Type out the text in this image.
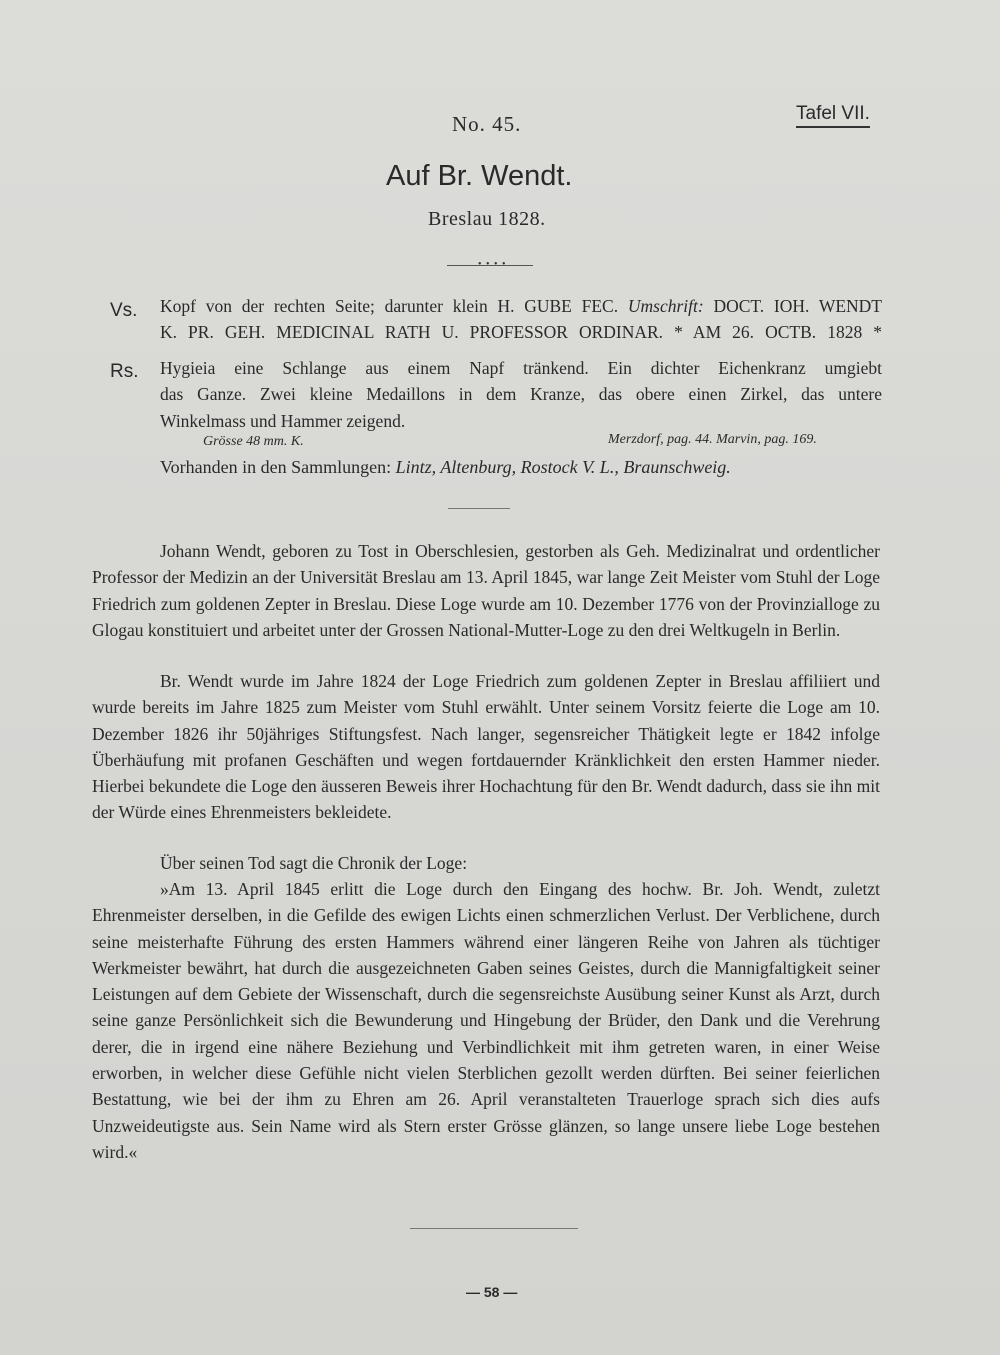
No. 45.	Tafel VII.
Auf Br. Wendt.
Breslau 1828.
• • • •
Vs. Kopf von der rechten Seite; darunter klein H. GUBE FEC. Umschrift: DOCT. IOH. WENDT
K. PR. GEH. MEDICINAL RATH U. PROFESSOR ORDINAR. * AM 26. OCTB. 1828 *
Rs. Hygieia eine Schlange aus einem Napf tränkend. Ein dichter Eichenkranz umgiebt
das Ganze. Zwei kleine Medaillons in dem Kranze, das obere einen Zirkel, das untere
Winkelmass und Hammer zeigend.
Grösse 48 mm. K.	Merzdorf, pag. 44. Marvin, pag. 169.
Vorhanden in den Sammlungen: Lintz, Altenburg, Rostock V. L., Braunschweig.
Johann Wendt, geboren zu Tost in Oberschlesien, gestorben als Geh. Medizinalrat und ordentlicher Professor der Medizin an der Universität Breslau am 13. April 1845, war lange Zeit Meister vom Stuhl der Loge Friedrich zum goldenen Zepter in Breslau. Diese Loge wurde am 10. Dezember 1776 von der Provinzialloge zu Glogau konstituiert und arbeitet unter der Grossen National-Mutter-Loge zu den drei Weltkugeln in Berlin.
Br. Wendt wurde im Jahre 1824 der Loge Friedrich zum goldenen Zepter in Breslau affiliiert und wurde bereits im Jahre 1825 zum Meister vom Stuhl erwählt. Unter seinem Vorsitz feierte die Loge am 10. Dezember 1826 ihr 50jähriges Stiftungsfest. Nach langer, segensreicher Thätigkeit legte er 1842 infolge Überhäufung mit profanen Geschäften und wegen fortdauernder Kränklichkeit den ersten Hammer nieder. Hierbei bekundete die Loge den äusseren Beweis ihrer Hochachtung für den Br. Wendt dadurch, dass sie ihn mit der Würde eines Ehrenmeisters bekleidete.
Über seinen Tod sagt die Chronik der Loge:
»Am 13. April 1845 erlitt die Loge durch den Eingang des hochw. Br. Joh. Wendt, zuletzt Ehrenmeister derselben, in die Gefilde des ewigen Lichts einen schmerzlichen Verlust. Der Verblichene, durch seine meisterhafte Führung des ersten Hammers während einer längeren Reihe von Jahren als tüchtiger Werkmeister bewährt, hat durch die ausgezeichneten Gaben seines Geistes, durch die Mannigfaltigkeit seiner Leistungen auf dem Gebiete der Wissenschaft, durch die segensreichste Ausübung seiner Kunst als Arzt, durch seine ganze Persönlichkeit sich die Bewunderung und Hingebung der Brüder, den Dank und die Verehrung derer, die in irgend eine nähere Beziehung und Verbindlichkeit mit ihm getreten waren, in einer Weise erworben, in welcher diese Gefühle nicht vielen Sterblichen gezollt werden dürften. Bei seiner feierlichen Bestattung, wie bei der ihm zu Ehren am 26. April veranstalteten Trauerloge sprach sich dies aufs Unzweideutigste aus. Sein Name wird als Stern erster Grösse glänzen, so lange unsere liebe Loge bestehen wird.«
— 58 —
